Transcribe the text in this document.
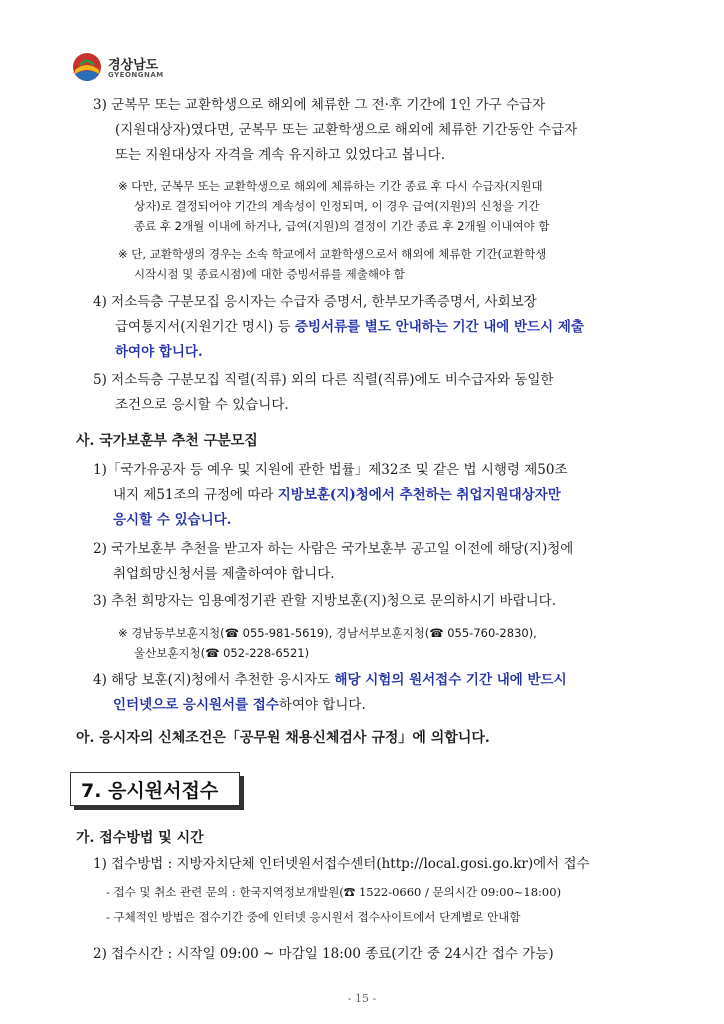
경상남도
GYEONGNAM

3) 군복무 또는 교환학생으로 해외에 체류한 그 전·후 기간에 1인 가구 수급자

(지원대상자)였다면, 군복무 또는 교환학생으로 해외에 체류한 기간동안 수급자

또는 지원대상자 자격을 계속 유지하고 있었다고 봅니다.

※ 다만, 군복무 또는 교환학생으로 해외에 체류하는 기간 종료 후 다시 수급자(지원대

상자)로 결정되어야 기간의 계속성이 인정되며, 이 경우 급여(지원)의 신청을 기간

종료 후 2개월 이내에 하거나, 급여(지원)의 결정이 기간 종료 후 2개월 이내여야 함

※ 단, 교환학생의 경우는 소속 학교에서 교환학생으로서 해외에 체류한 기간(교환학생

시작시점 및 종료시점)에 대한 증빙서류를 제출해야 함

4) 저소득층 구분모집 응시자는 수급자 증명서, 한부모가족증명서, 사회보장

급여통지서(지원기간 명시) 등 증빙서류를 별도 안내하는 기간 내에 반드시 제출

하여야 합니다.

5) 저소득층 구분모집 직렬(직류) 외의 다른 직렬(직류)에도 비수급자와 동일한

조건으로 응시할 수 있습니다.

사. 국가보훈부 추천 구분모집

1)「국가유공자 등 예우 및 지원에 관한 법률」제32조 및 같은 법 시행령 제50조

내지 제51조의 규정에 따라 지방보훈(지)청에서 추천하는 취업지원대상자만

응시할 수 있습니다.

2) 국가보훈부 추천을 받고자 하는 사람은 국가보훈부 공고일 이전에 해당(지)청에

취업희망신청서를 제출하여야 합니다.

3) 추천 희망자는 임용예정기관 관할 지방보훈(지)청으로 문의하시기 바랍니다.

※ 경남동부보훈지청(☎ 055-981-5619), 경남서부보훈지청(☎ 055-760-2830),

울산보훈지청(☎ 052-228-6521)

4) 해당 보훈(지)청에서 추천한 응시자도 해당 시험의 원서접수 기간 내에 반드시

인터넷으로 응시원서를 접수하여야 합니다.

아. 응시자의 신체조건은「공무원 채용신체검사 규정」에 의합니다.
7. 응시원서접수
가. 접수방법 및 시간

1) 접수방법 : 지방자치단체 인터넷원서접수센터(http://local.gosi.go.kr)에서 접수

- 접수 및 취소 관련 문의 : 한국지역정보개발원(☎ 1522-0660 / 문의시간 09:00~18:00)

- 구체적인 방법은 접수기간 중에 인터넷 응시원서 접수사이트에서 단계별로 안내함

2) 접수시간 : 시작일 09:00 ~ 마감일 18:00 종료(기간 중 24시간 접수 가능)

- 15 -
